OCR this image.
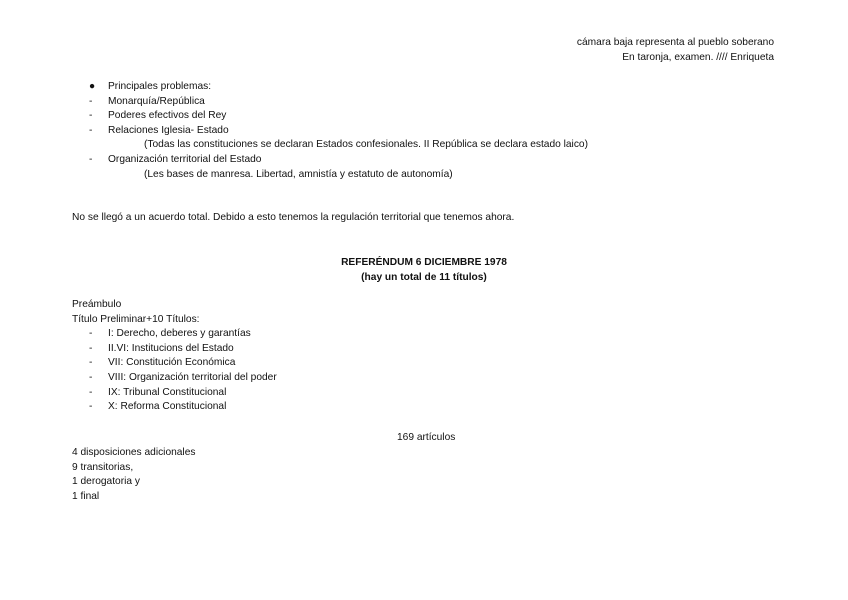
cámara baja representa al pueblo soberano
En taronja, examen. //// Enriqueta
●	Principales problemas:
-	Monarquía/República
-	Poderes efectivos del Rey
-	Relaciones Iglesia- Estado
(Todas las constituciones se declaran Estados confesionales. II República se declara estado laico)
-	Organización territorial del Estado
(Les bases de manresa. Libertad, amnistía y estatuto de autonomía)
No se llegó a un acuerdo total. Debido a esto tenemos la regulación territorial que tenemos ahora.
REFERÉNDUM 6 DICIEMBRE 1978
(hay un total de 11 títulos)
Preámbulo
Título Preliminar+10 Títulos:
-	I: Derecho, deberes y garantías
-	II.VI: Institucions del Estado
-	VII: Constitución Económica
-	VIII: Organización territorial del poder
-	IX: Tribunal Constitucional
-	X: Reforma Constitucional
169 artículos
4 disposiciones adicionales
9 transitorias,
1 derogatoria y
1 final
